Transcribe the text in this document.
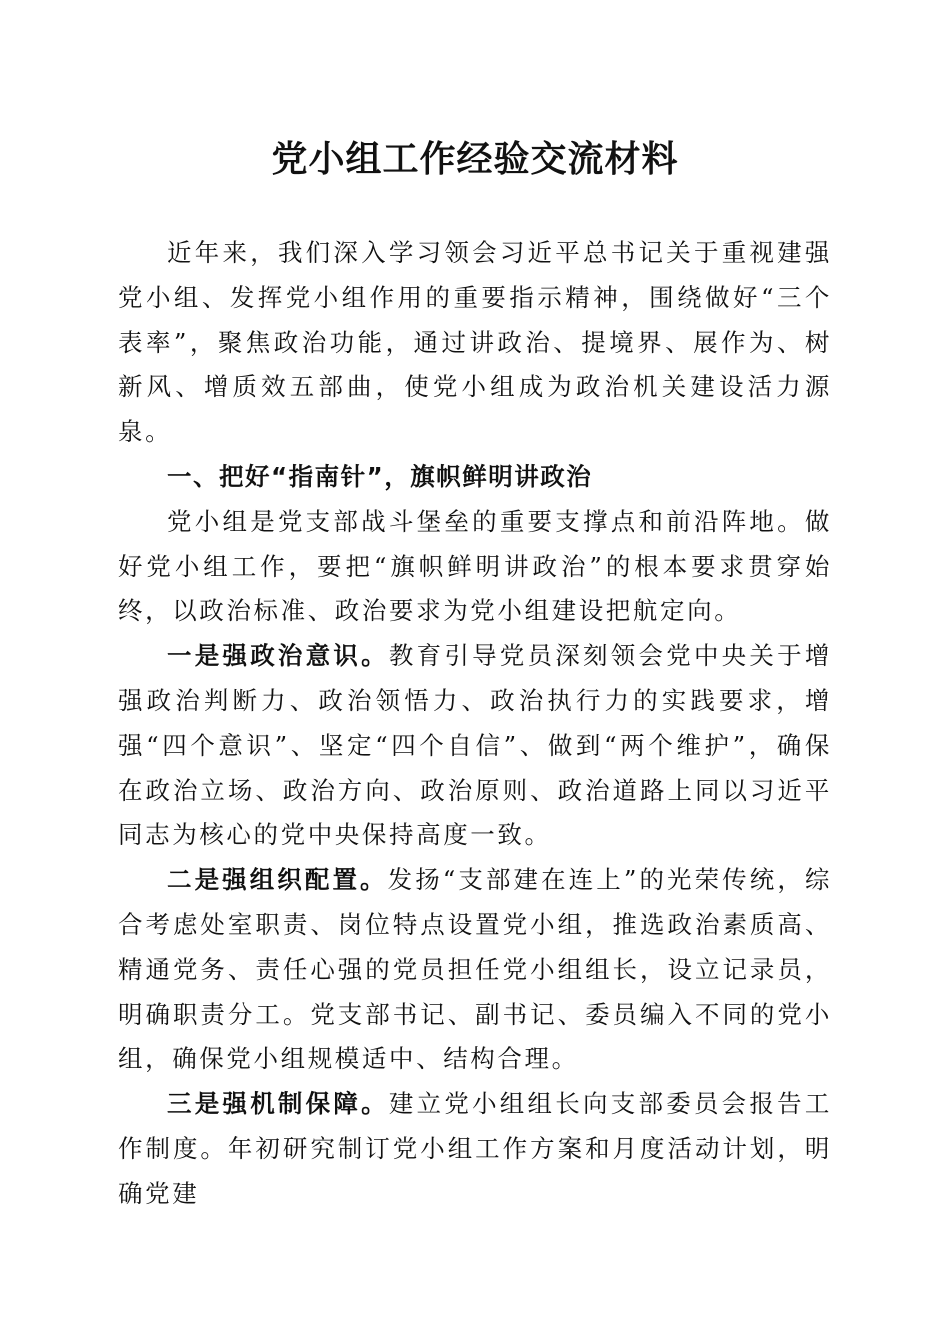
党小组工作经验交流材料

近年来，我们深入学习领会习近平总书记关于重视建强党小组、发挥党小组作用的重要指示精神，围绕做好“三个表率”，聚焦政治功能，通过讲政治、提境界、展作为、树新风、增质效五部曲，使党小组成为政治机关建设活力源泉。

一、把好“指南针”，旗帜鲜明讲政治

党小组是党支部战斗堡垒的重要支撑点和前沿阵地。做好党小组工作，要把“旗帜鲜明讲政治”的根本要求贯穿始终，以政治标准、政治要求为党小组建设把航定向。

一是强政治意识。教育引导党员深刻领会党中央关于增强政治判断力、政治领悟力、政治执行力的实践要求，增强“四个意识”、坚定“四个自信”、做到“两个维护”，确保在政治立场、政治方向、政治原则、政治道路上同以习近平同志为核心的党中央保持高度一致。

二是强组织配置。发扬“支部建在连上”的光荣传统，综合考虑处室职责、岗位特点设置党小组，推选政治素质高、精通党务、责任心强的党员担任党小组组长，设立记录员，明确职责分工。党支部书记、副书记、委员编入不同的党小组，确保党小组规模适中、结构合理。

三是强机制保障。建立党小组组长向支部委员会报告工作制度。年初研究制订党小组工作方案和月度活动计划，明确党建
